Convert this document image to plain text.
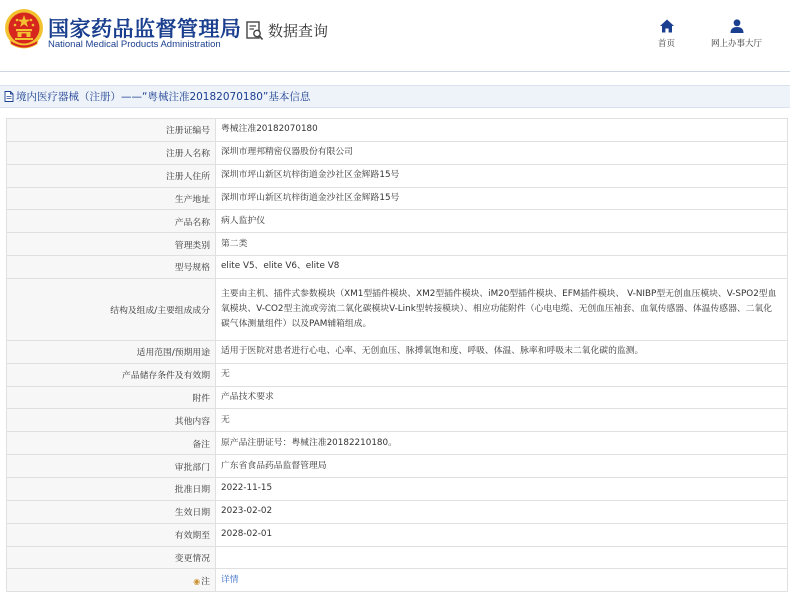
国家药品监督管理局
National Medical Products Administration
数据查询
首页	网上办事大厅
境内医疗器械（注册）——“粤械注准20182070180”基本信息
注册证编号	粤械注准20182070180
注册人名称	深圳市理邦精密仪器股份有限公司
注册人住所	深圳市坪山新区坑梓街道金沙社区金辉路15号
生产地址	深圳市坪山新区坑梓街道金沙社区金辉路15号
产品名称	病人监护仪
管理类别	第二类
型号规格	elite V5、elite V6、elite V8
结构及组成/主要组成成分	主要由主机、插件式参数模块（XM1型插件模块、XM2型插件模块、iM20型插件模块、EFM插件模块、 V-NIBP型无创血压模块、V-SPO2型血氧模块、V-CO2型主流或旁流二氧化碳模块V-Link型转接模块）、相应功能附件（心电电缆、无创血压袖套、血氧传感器、体温传感器、二氧化碳气体测量组件）以及PAM辅箱组成。
适用范围/预期用途	适用于医院对患者进行心电、心率、无创血压、脉搏氧饱和度、呼吸、体温、脉率和呼吸末二氧化碳的监测。
产品储存条件及有效期	无
附件	产品技术要求
其他内容	无
备注	原产品注册证号：粤械注准20182210180。
审批部门	广东省食品药品监督管理局
批准日期	2022-11-15
生效日期	2023-02-02
有效期至	2028-02-01
变更情况	
◉注	详情
